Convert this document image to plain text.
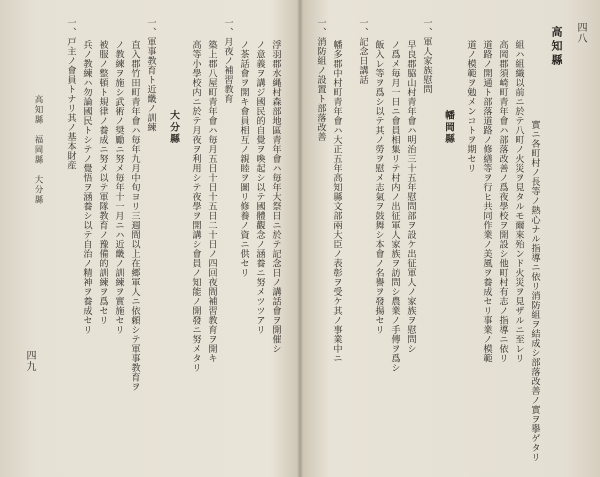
高知縣　福岡縣　大分縣
一、戸主ノ會員トナリ其ノ基本財産 兵ノ教練ハ勿論國民トシテノ覺悟ヲ涵養シ以テ自治ノ精神ヲ養成セリ 被服ノ整頓ト規律ノ養成ニ努メ以テ軍隊教育ノ豫備的訓練ヲ爲セリ ノ教練ヲ施シ武術ノ奨勵ニ努メ毎年十一月ニハ近畿ノ訓練ヲ實施セリ 直入郡竹田町青年會ハ毎年九月中旬ヨリ三週間以上在郷軍人ニ依頼シテ軍事教育ヲ 一、軍事教育ト近畿ノ訓練 大分縣 高等小學校内ニ於テ月夜ヲ利用シテ夜學ヲ開講シ會員ノ知能ノ開發ニ努メタリ 築上郡八屋町青年會ハ毎月五日十日十五日二十日ノ四回夜間補習教育ヲ開キ 一、月夜ノ補習教育 ノ茶話會ヲ開キ會員相互ノ親睦ヲ圖リ修養ノ資ニ供セリ ノ意義ヲ講ジ國民的自覺ヲ喚起シ以テ國體觀念ノ涵養ニ努メツツアリ 浮羽郡水縄村森部地區青年會ハ毎年大祭日ニ於テ記念日ノ講話會ヲ開催シ
四九
四八
高知縣
一、記念日講話 飯入レ等ヲ爲シ以テ其ノ勞ヲ慰メ志氣ヲ鼓舞シ本會ノ名譽ヲ發揚セリ ノ爲メ毎月一日ニ會員相集リテ村内ノ出征軍人家族ヲ訪問シ農業ノ手傳ヲ爲シ 早良郡脇山村青年會ハ明治三十五年慰問部ヲ設ケ出征軍人ノ家族ヲ慰問シ 一、軍人家族慰問
幡岡縣 道ノ模範ヲ勉メンコトヲ期セリ 道路ノ開通ト部落道路ノ修繕等ヲ行ヒ共同作業ノ美風ヲ養成セリ事業ノ模範 高岡郡須崎町青年會ハ部落改善ノ爲夜學校ヲ開設シ他町村有志ノ指導ニ依リ 組ハ組織以前ニ於テ八町ノ火災ヲ見タルモ爾來殆ンド火災ヲ見ザルニ至レリ 實ニ各町村ノ長等ノ熱心ナル指導ニ依リ消防組ヲ結成シ部落改善ノ實ヲ擧ゲタリ
幡多郡中村町青年會ハ大正五年高知縣文部兩大臣ノ表彰ヲ受ケ其ノ事業中ニ
一、消防組ノ設置ト部落改善
